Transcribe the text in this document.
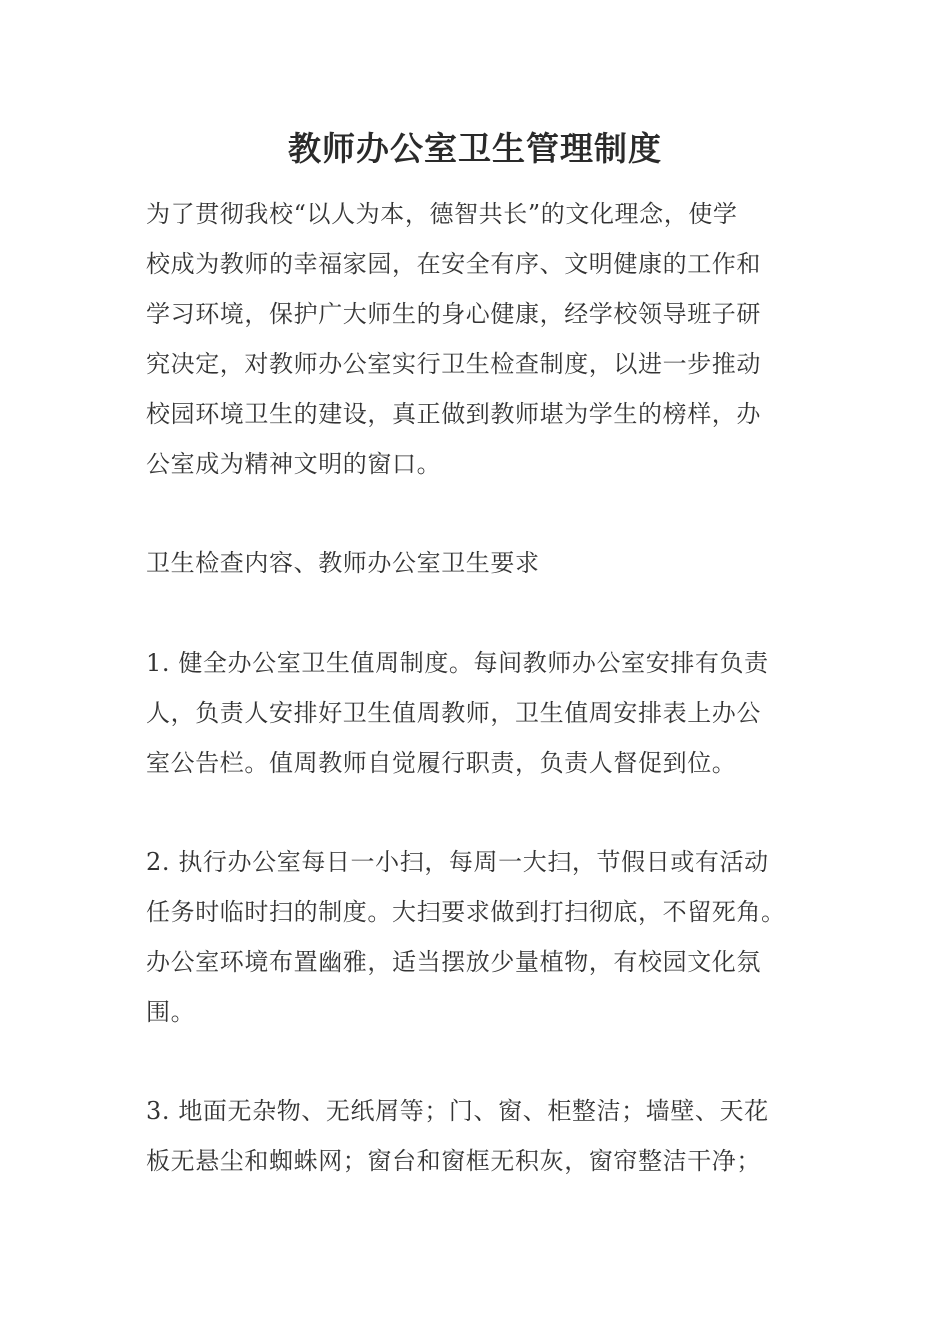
教师办公室卫生管理制度
为了贯彻我校“以人为本，德智共长”的文化理念，使学
校成为教师的幸福家园，在安全有序、文明健康的工作和
学习环境，保护广大师生的身心健康，经学校领导班子研
究决定，对教师办公室实行卫生检查制度，以进一步推动
校园环境卫生的建设，真正做到教师堪为学生的榜样，办
公室成为精神文明的窗口。
卫生检查内容、教师办公室卫生要求
1. 健全办公室卫生值周制度。每间教师办公室安排有负责
人，负责人安排好卫生值周教师，卫生值周安排表上办公
室公告栏。值周教师自觉履行职责，负责人督促到位。
2. 执行办公室每日一小扫，每周一大扫，节假日或有活动
任务时临时扫的制度。大扫要求做到打扫彻底，不留死角。
办公室环境布置幽雅，适当摆放少量植物，有校园文化氛
围。
3. 地面无杂物、无纸屑等；门、窗、柜整洁；墙壁、天花
板无悬尘和蜘蛛网；窗台和窗框无积灰，窗帘整洁干净；
